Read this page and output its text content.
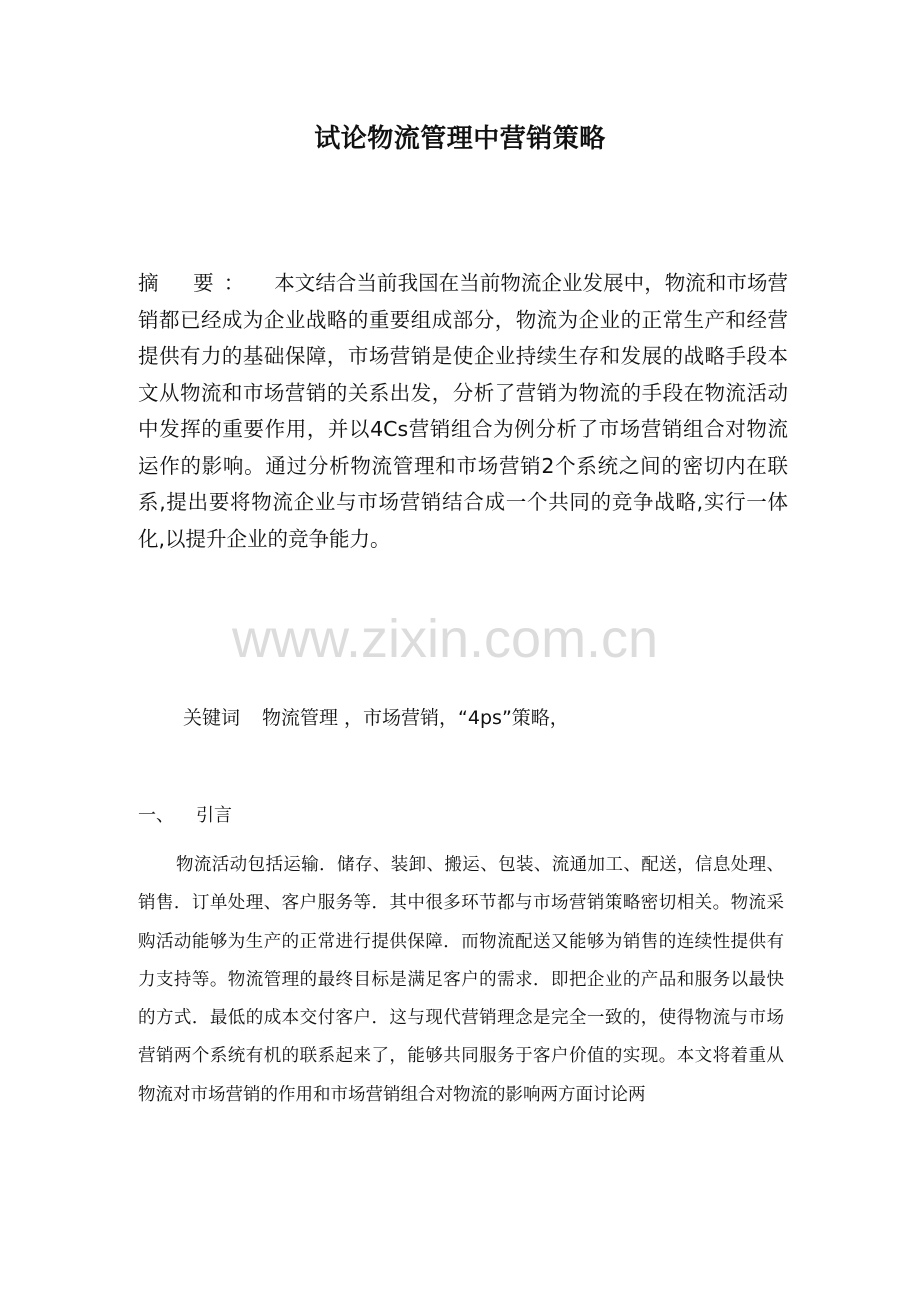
试论物流管理中营销策略
摘 要： 本文结合当前我国在当前物流企业发展中，物流和市场营销都已经成为企业战略的重要组成部分，物流为企业的正常生产和经营提供有力的基础保障，市场营销是使企业持续生存和发展的战略手段本文从物流和市场营销的关系出发，分析了营销为物流的手段在物流活动中发挥的重要作用，并以4Cs营销组合为例分析了市场营销组合对物流运作的影响。通过分析物流管理和市场营销2个系统之间的密切内在联系,提出要将物流企业与市场营销结合成一个共同的竞争战略,实行一体化,以提升企业的竞争能力。
关键词 物流管理 ，市场营销，“4ps”策略，
一、 引言
物流活动包括运输．储存、装卸、搬运、包装、流通加工、配送，信息处理、销售．订单处理、客户服务等．其中很多环节都与市场营销策略密切相关。物流采购活动能够为生产的正常进行提供保障．而物流配送又能够为销售的连续性提供有力支持等。物流管理的最终目标是满足客户的需求．即把企业的产品和服务以最快的方式．最低的成本交付客户．这与现代营销理念是完全一致的，使得物流与市场营销两个系统有机的联系起来了，能够共同服务于客户价值的实现。本文将着重从物流对市场营销的作用和市场营销组合对物流的影响两方面讨论两
www.zixin.com.cn
